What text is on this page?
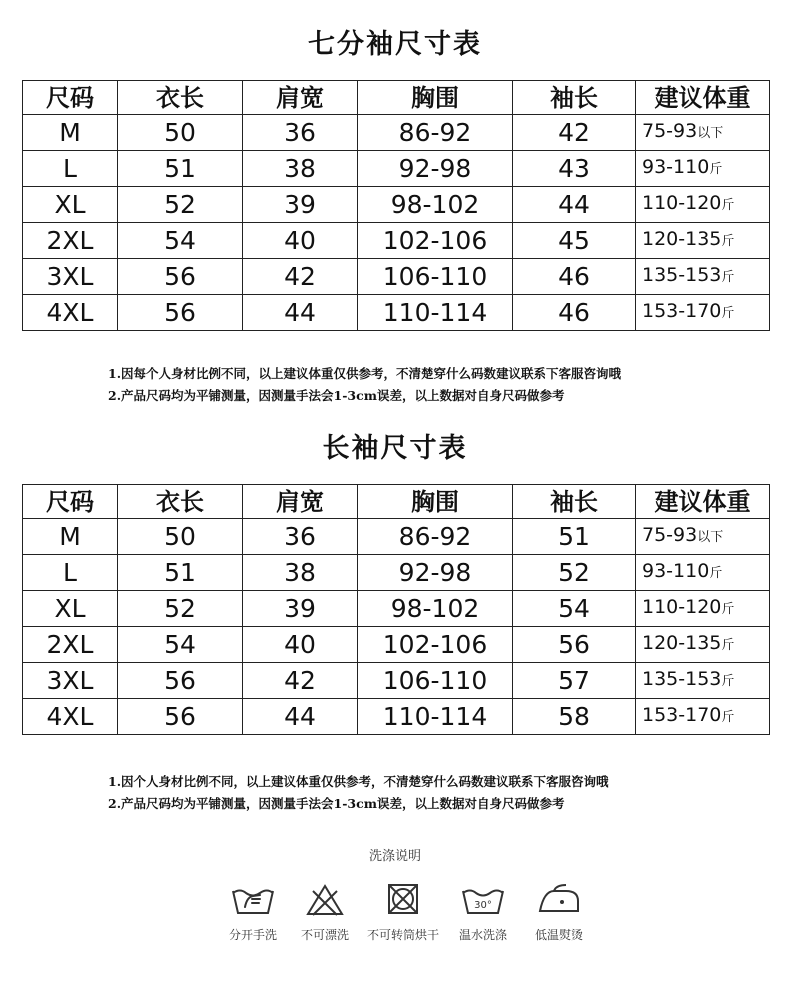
七分袖尺寸表
尺码	衣长	肩宽	胸围	袖长	建议体重
M	50	36	86-92	42	75-93以下
L	51	38	92-98	43	93-110斤
XL	52	39	98-102	44	110-120斤
2XL	54	40	102-106	45	120-135斤
3XL	56	42	106-110	46	135-153斤
4XL	56	44	110-114	46	153-170斤
1.因每个人身材比例不同，以上建议体重仅供参考，不清楚穿什么码数建议联系下客服咨询哦
2.产品尺码均为平铺测量，因测量手法会1-3cm误差，以上数据对自身尺码做参考
长袖尺寸表
尺码	衣长	肩宽	胸围	袖长	建议体重
M	50	36	86-92	51	75-93以下
L	51	38	92-98	52	93-110斤
XL	52	39	98-102	54	110-120斤
2XL	54	40	102-106	56	120-135斤
3XL	56	42	106-110	57	135-153斤
4XL	56	44	110-114	58	153-170斤
1.因个人身材比例不同，以上建议体重仅供参考，不清楚穿什么码数建议联系下客服咨询哦
2.产品尺码均为平铺测量，因测量手法会1-3cm误差，以上数据对自身尺码做参考
洗涤说明
分开手洗	不可漂洗	不可转筒烘干
30°
温水洗涤	低温熨烫
